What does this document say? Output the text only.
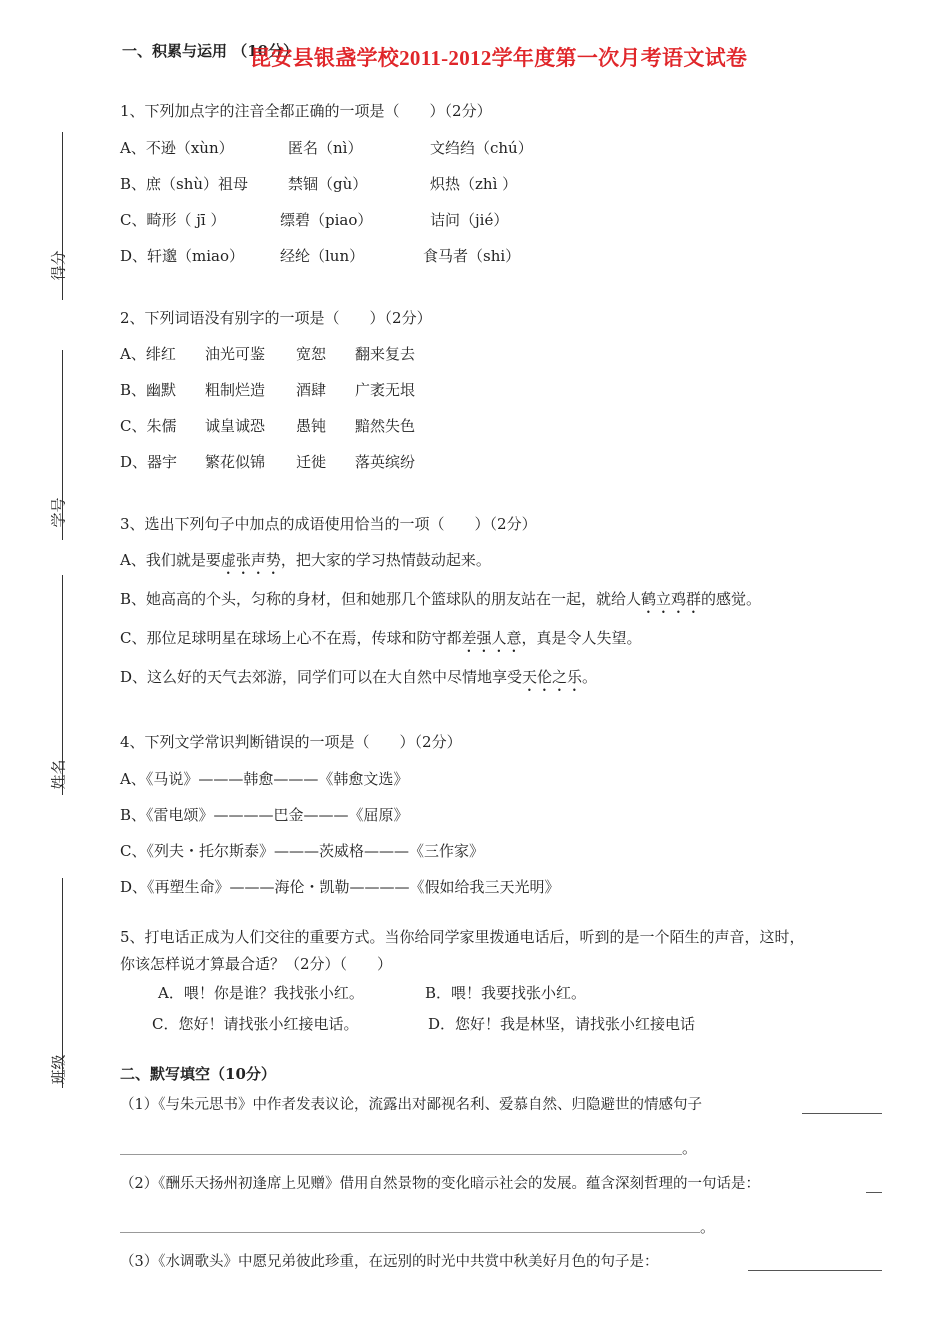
得分
学号
姓名
班级
一、积累与运用 （10分）
昆安县银盏学校2011-2012学年度第一次月考语文试卷
1、下列加点字的注音全都正确的一项是（　　）（2分）
A、不逊（xùn）	匿名（nì）	文绉绉（chú）
B、庶（shù）祖母	禁锢（gù）	炽热（zhì ）
C、畸形（ jī ）	缥碧（piao）	诘问（jié）
D、轩邈（miao） 经纶（lun）	食马者（shi）
2、下列词语没有别字的一项是（　　）（2分）
A、绯红 油光可鉴 宽恕 翻来复去
B、幽默 粗制烂造 酒肆 广袤无垠
C、朱儒 诚皇诚恐 愚钝 黯然失色
D、器宇 繁花似锦 迁徙 落英缤纷
3、选出下列句子中加点的成语使用恰当的一项（　　）（2分）
A、我们就是要虚张声势，把大家的学习热情鼓动起来。
B、她高高的个头，匀称的身材，但和她那几个篮球队的朋友站在一起，就给人鹤立鸡群的感觉。
C、那位足球明星在球场上心不在焉，传球和防守都差强人意，真是令人失望。
D、这么好的天气去郊游，同学们可以在大自然中尽情地享受天伦之乐。
4、下列文学常识判断错误的一项是（　　）（2分）
A、《马说》———韩愈———《韩愈文选》
B、《雷电颂》————巴金———《屈原》
C、《列夫・托尔斯泰》———茨威格———《三作家》
D、《再塑生命》———海伦・凯勒————《假如给我三天光明》
5、打电话正成为人们交往的重要方式。当你给同学家里拨通电话后，听到的是一个陌生的声音，这时，
你该怎样说才算最合适？（2分）（　　）
A．喂！你是谁？我找张小红。	B．喂！我要找张小红。
C．您好！请找张小红接电话。	D．您好！我是林坚，请找张小红接电话
二、默写填空（10分）
（1）《与朱元思书》中作者发表议论，流露出对鄙视名利、爱慕自然、归隐避世的情感句子
。
（2）《酬乐天扬州初逢席上见赠》借用自然景物的变化暗示社会的发展。蕴含深刻哲理的一句话是：
。
（3）《水调歌头》中愿兄弟彼此珍重，在远别的时光中共赏中秋美好月色的句子是：
